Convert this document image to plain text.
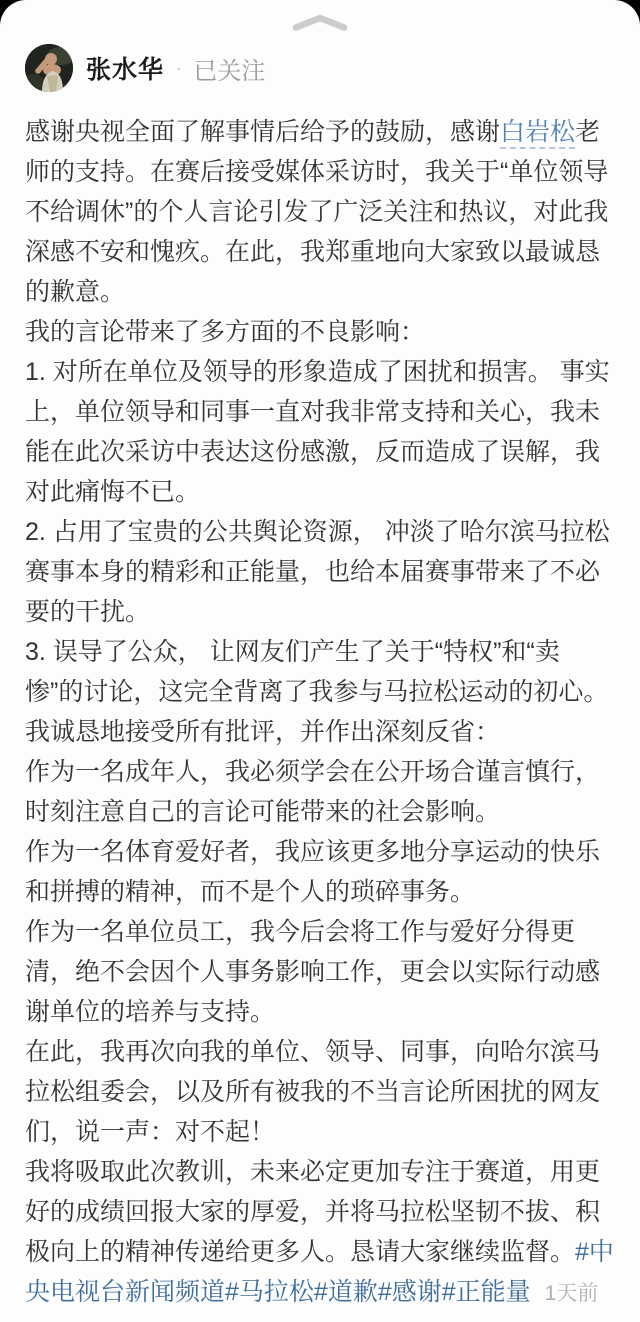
张水华 · 已关注

感谢央视全面了解事情后给予的鼓励，感谢白岩松老师的支持。在赛后接受媒体采访时，我关于“单位领导不给调休”的个人言论引发了广泛关注和热议，对此我深感不安和愧疚。在此，我郑重地向大家致以最诚恳的歉意。

我的言论带来了多方面的不良影响：

1. 对所在单位及领导的形象造成了困扰和损害。 事实上，单位领导和同事一直对我非常支持和关心，我未能在此次采访中表达这份感激，反而造成了误解，我对此痛悔不已。

2. 占用了宝贵的公共舆论资源， 冲淡了哈尔滨马拉松赛事本身的精彩和正能量，也给本届赛事带来了不必要的干扰。

3. 误导了公众， 让网友们产生了关于“特权”和“卖惨”的讨论，这完全背离了我参与马拉松运动的初心。

我诚恳地接受所有批评，并作出深刻反省：

作为一名成年人，我必须学会在公开场合谨言慎行，时刻注意自己的言论可能带来的社会影响。

作为一名体育爱好者，我应该更多地分享运动的快乐和拼搏的精神，而不是个人的琐碎事务。

作为一名单位员工，我今后会将工作与爱好分得更清，绝不会因个人事务影响工作，更会以实际行动感谢单位的培养与支持。

在此，我再次向我的单位、领导、同事，向哈尔滨马拉松组委会，以及所有被我的不当言论所困扰的网友们，说一声：对不起！

我将吸取此次教训，未来必定更加专注于赛道，用更好的成绩回报大家的厚爱，并将马拉松坚韧不拔、积极向上的精神传递给更多人。恳请大家继续监督。#中央电视台新闻频道#马拉松#道歉#感谢#正能量 1天前
